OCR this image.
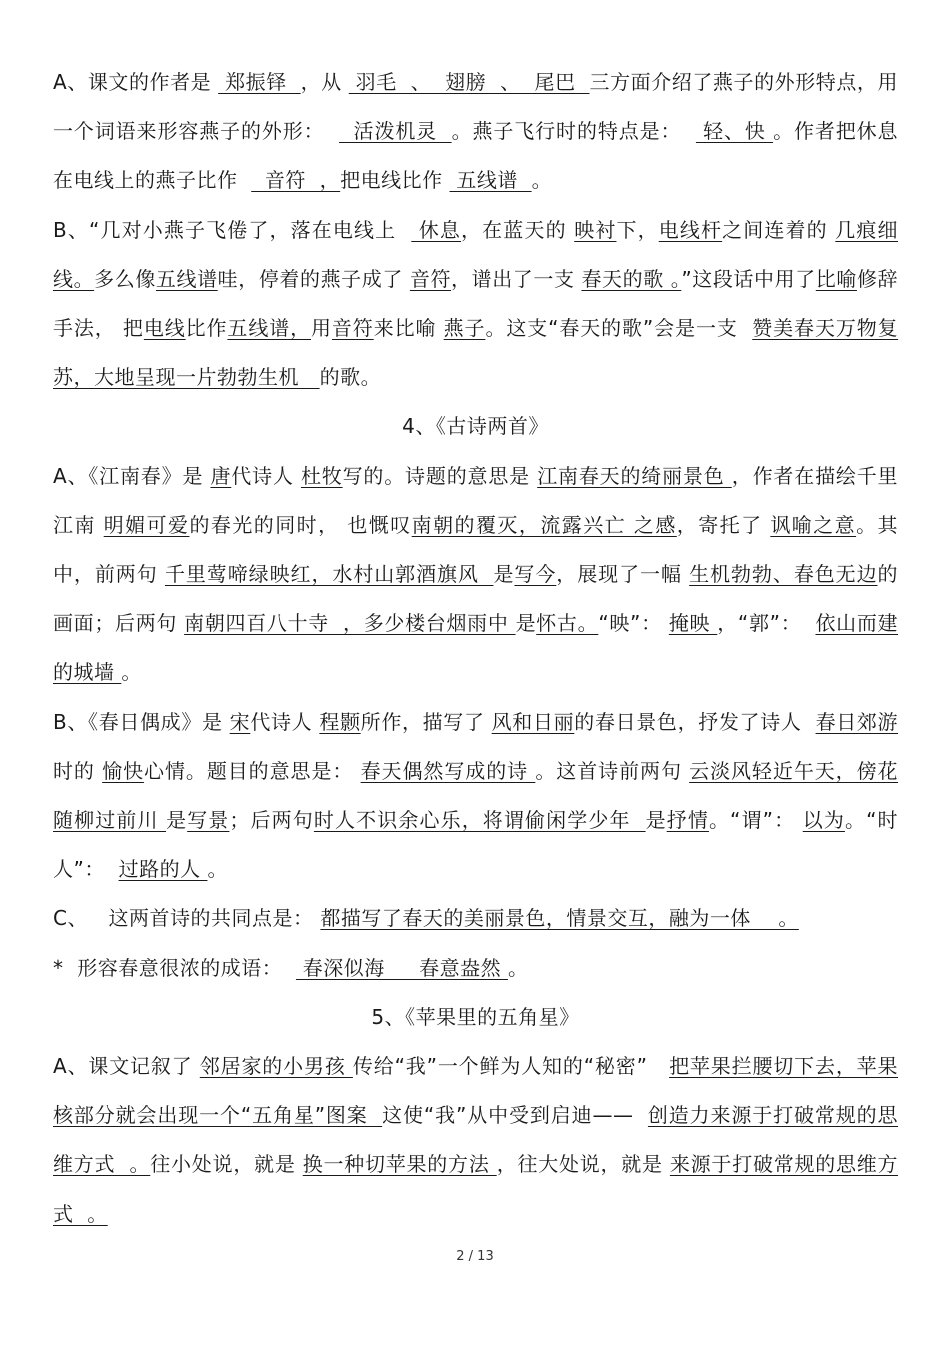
A、课文的作者是  郑振铎  ，从  羽毛  、  翅膀  、  尾巴  三方面介绍了燕子的外形特点，用一个词语来形容燕子的外形：    活泼机灵  。燕子飞行时的特点是：   轻、快 。作者把休息在电线上的燕子比作    音符  ，把电线比作  五线谱  。

B、“几对小燕子飞倦了，落在电线上   休息，在蓝天的 映衬下，电线杆之间连着的 几痕细线。多么像五线谱哇，停着的燕子成了 音符，谱出了一支 春天的歌 。”这段话中用了比喻修辞手法， 把电线比作五线谱，用音符来比喻 燕子。这支“春天的歌”会是一支  赞美春天万物复苏，大地呈现一片勃勃生机   的歌。

4、《古诗两首》

A、《江南春》是 唐代诗人 杜牧写的。诗题的意思是 江南春天的绮丽景色 ，作者在描绘千里江南 明媚可爱的春光的同时， 也慨叹南朝的覆灭，流露兴亡 之感，寄托了 讽喻之意。其中，前两句 千里莺啼绿映红，水村山郭酒旗风  是写今，展现了一幅 生机勃勃、春色无边的画面；后两句 南朝四百八十寺  ，多少楼台烟雨中 是怀古。“映”： 掩映 ，“郭”：  依山而建的城墙 。

B、《春日偶成》是 宋代诗人 程颢所作，描写了 风和日丽的春日景色，抒发了诗人  春日郊游时的 愉快心情。题目的意思是： 春天偶然写成的诗 。这首诗前两句 云淡风轻近午天，傍花随柳过前川 是写景；后两句时人不识余心乐，将谓偷闲学少年  是抒情。“谓”： 以为。“时人”：  过路的人 。

C、   这两首诗的共同点是： 都描写了春天的美丽景色，情景交互，融为一体    。

*  形容春意很浓的成语：   春深似海     春意盎然 。

5、《苹果里的五角星》

A、课文记叙了 邻居家的小男孩 传给“我”一个鲜为人知的“秘密”   把苹果拦腰切下去，苹果核部分就会出现一个“五角星”图案  这使“我”从中受到启迪——  创造力来源于打破常规的思维方式  。往小处说，就是 换一种切苹果的方法 ，往大处说，就是 来源于打破常规的思维方式  。

2 / 13
